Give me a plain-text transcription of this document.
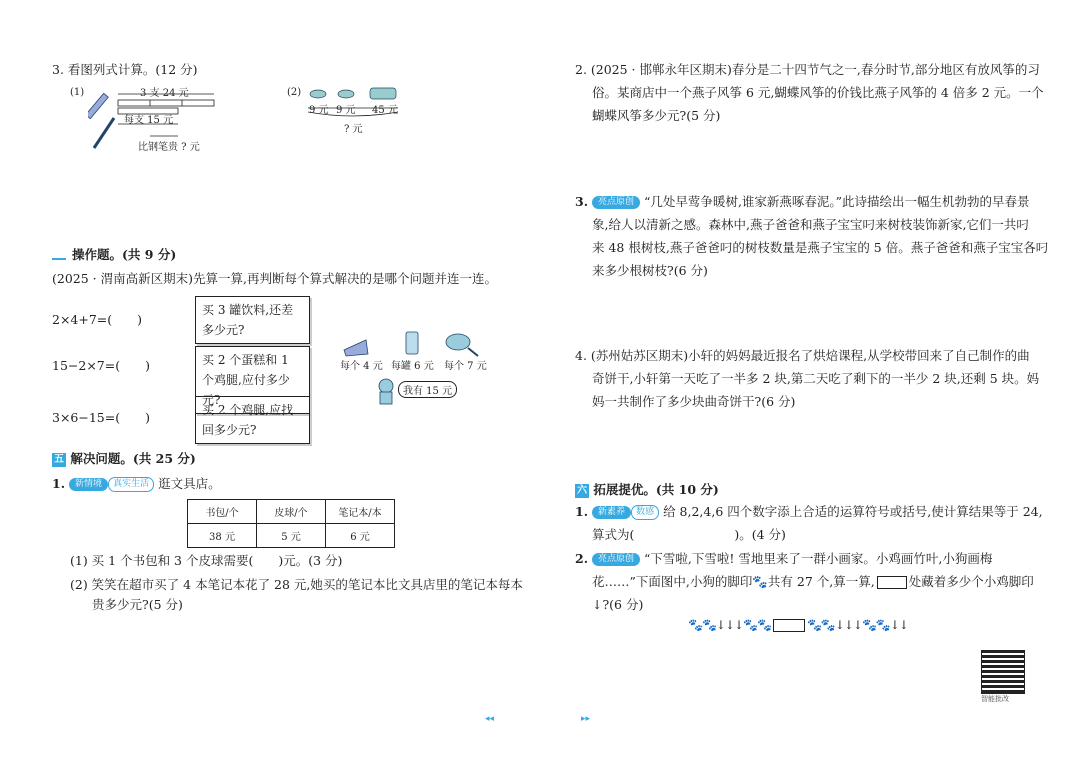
3. 看图列式计算。(12 分)
(1)	(2)
3 支 24 元
每支 15 元
比钢笔贵 ? 元
9 元 9 元 45 元
? 元
操作题。(共 9 分)
(2025 · 渭南高新区期末)先算一算,再判断每个算式解决的是哪个问题并连一连。
2×4+7=(　　)
15−2×7=(　　)
3×6−15=(　　)
买 3 罐饮料,还差多少元?
买 2 个蛋糕和 1 个鸡腿,应付多少元?
买 2 个鸡腿,应找回多少元?
每个 4 元 每罐 6 元 每个 7 元
我有 15 元
五 解决问题。(共 25 分)
1. 新情境 真实生活 逛文具店。
书包/个	皮球/个	笔记本/本
38 元	5 元	6 元
(1) 买 1 个书包和 3 个皮球需要(　　)元。(3 分)
(2) 笑笑在超市买了 4 本笔记本花了 28 元,她买的笔记本比文具店里的笔记本每本
贵多少元?(5 分)
◂◂
2. (2025 · 邯郸永年区期末)春分是二十四节气之一,春分时节,部分地区有放风筝的习
俗。某商店中一个燕子风筝 6 元,蝴蝶风筝的价钱比燕子风筝的 4 倍多 2 元。一个
蝴蝶风筝多少元?(5 分)
3. 亮点原创 “几处早莺争暖树,谁家新燕啄春泥。”此诗描绘出一幅生机勃勃的早春景
象,给人以清新之感。森林中,燕子爸爸和燕子宝宝叼来树枝装饰新家,它们一共叼
来 48 根树枝,燕子爸爸叼的树枝数量是燕子宝宝的 5 倍。燕子爸爸和燕子宝宝各叼
来多少根树枝?(6 分)
4. (苏州姑苏区期末)小轩的妈妈最近报名了烘焙课程,从学校带回来了自己制作的曲
奇饼干,小轩第一天吃了一半多 2 块,第二天吃了剩下的一半少 2 块,还剩 5 块。妈
妈一共制作了多少块曲奇饼干?(6 分)
六 拓展提优。(共 10 分)
1. 新素养 数感 给 8,2,4,6 四个数字添上合适的运算符号或括号,使计算结果等于 24,
算式为(　　　　　　　　)。(4 分)
2. 亮点原创 “下雪啦,下雪啦! 雪地里来了一群小画家。小鸡画竹叶,小狗画梅
花……”下面图中,小狗的脚印🐾共有 27 个,算一算,	处藏着多少个小鸡脚印
↓?(6 分)
🐾🐾↓↓↓🐾🐾	🐾🐾↓↓↓🐾🐾↓↓
智能批改
▸▸
